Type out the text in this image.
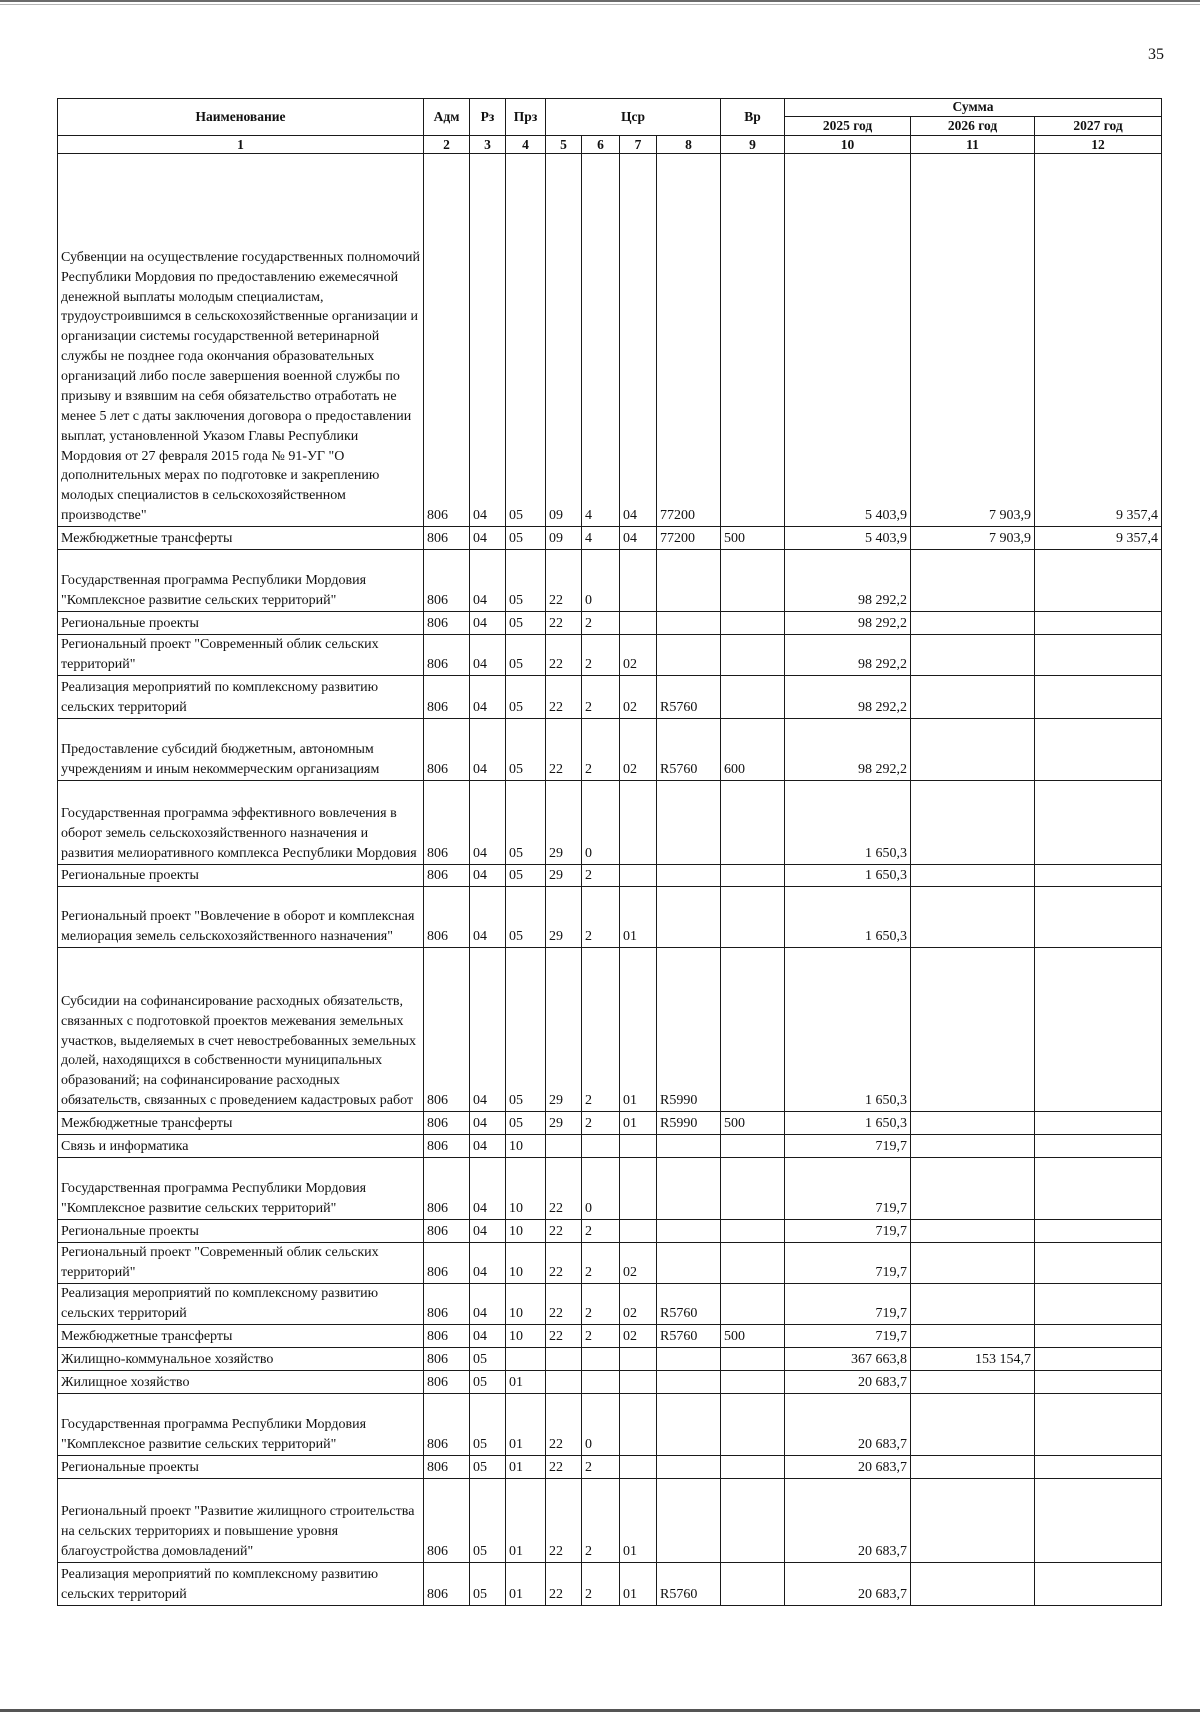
35
Наименование	Адм	Рз	Прз	Цср				Вр	Сумма		
									2025 год	2026 год	2027 год
1	2	3	4	5	6	7	8	9	10	11	12
Субвенции на осуществление государственных полномочий Республики Мордовия по предоставлению ежемесячной денежной выплаты молодым специалистам, трудоустроившимся в сельскохозяйственные организации и организации системы государственной ветеринарной службы не позднее года окончания образовательных организаций либо после завершения военной службы по призыву и взявшим на себя обязательство отработать не менее 5 лет с даты заключения договора о предоставлении выплат, установленной Указом Главы Республики Мордовия от 27 февраля 2015 года № 91-УГ "О дополнительных мерах по подготовке и закреплению молодых специалистов в сельскохозяйственном производстве"	806	04	05	09	4	04	77200		5 403,9	7 903,9	9 357,4
Межбюджетные трансферты	806	04	05	09	4	04	77200	500	5 403,9	7 903,9	9 357,4
Государственная программа Республики Мордовия "Комплексное развитие сельских территорий"	806	04	05	22	0				98 292,2		
Региональные проекты	806	04	05	22	2				98 292,2		
Региональный проект "Современный облик сельских территорий"	806	04	05	22	2	02			98 292,2		
Реализация мероприятий по комплексному развитию сельских территорий	806	04	05	22	2	02	R5760		98 292,2		
Предоставление субсидий бюджетным, автономным учреждениям и иным некоммерческим организациям	806	04	05	22	2	02	R5760	600	98 292,2		
Государственная программа эффективного вовлечения в оборот земель сельскохозяйственного назначения и развития мелиоративного комплекса Республики Мордовия	806	04	05	29	0				1 650,3		
Региональные проекты	806	04	05	29	2				1 650,3		
Региональный проект "Вовлечение в оборот и комплексная мелиорация земель сельскохозяйственного назначения"	806	04	05	29	2	01			1 650,3		
Субсидии на софинансирование расходных обязательств, связанных с подготовкой проектов межевания земельных участков, выделяемых в счет невостребованных земельных долей, находящихся в собственности муниципальных образований; на софинансирование расходных обязательств, связанных с проведением кадастровых работ	806	04	05	29	2	01	R5990		1 650,3		
Межбюджетные трансферты	806	04	05	29	2	01	R5990	500	1 650,3		
Связь и информатика	806	04	10						719,7		
Государственная программа Республики Мордовия "Комплексное развитие сельских территорий"	806	04	10	22	0				719,7		
Региональные проекты	806	04	10	22	2				719,7		
Региональный проект "Современный облик сельских территорий"	806	04	10	22	2	02			719,7		
Реализация мероприятий по комплексному развитию сельских территорий	806	04	10	22	2	02	R5760		719,7		
Межбюджетные трансферты	806	04	10	22	2	02	R5760	500	719,7		
Жилищно-коммунальное хозяйство	806	05							367 663,8	153 154,7	
Жилищное хозяйство	806	05	01						20 683,7		
Государственная программа Республики Мордовия "Комплексное развитие сельских территорий"	806	05	01	22	0				20 683,7		
Региональные проекты	806	05	01	22	2				20 683,7		
Региональный проект "Развитие жилищного строительства на сельских территориях и повышение уровня благоустройства домовладений"	806	05	01	22	2	01			20 683,7		
Реализация мероприятий по комплексному развитию сельских территорий	806	05	01	22	2	01	R5760		20 683,7		
